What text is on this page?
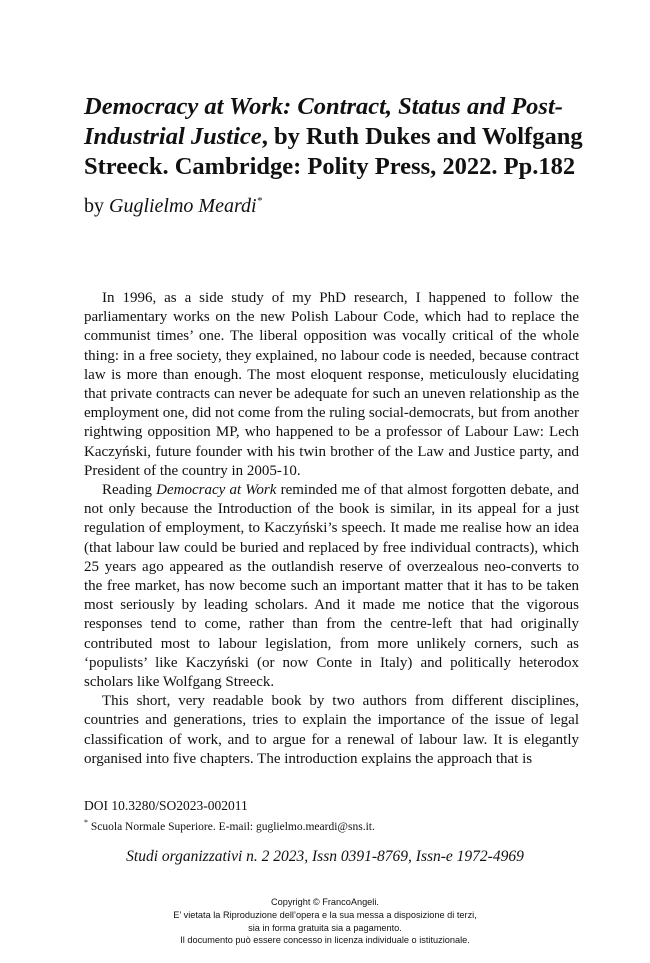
Democracy at Work: Contract, Status and Post-Industrial Justice, by Ruth Dukes and Wolfgang Streeck. Cambridge: Polity Press, 2022. Pp.182

by Guglielmo Meardi*

In 1996, as a side study of my PhD research, I happened to follow the parliamentary works on the new Polish Labour Code, which had to replace the communist times’ one. The liberal opposition was vocally critical of the whole thing: in a free society, they explained, no labour code is needed, because contract law is more than enough. The most eloquent response, meticulously elucidating that private contracts can never be adequate for such an uneven relationship as the employment one, did not come from the ruling social-democrats, but from another rightwing opposition MP, who happened to be a professor of Labour Law: Lech Kaczyński, future founder with his twin brother of the Law and Justice party, and President of the country in 2005-10.

Reading Democracy at Work reminded me of that almost forgotten debate, and not only because the Introduction of the book is similar, in its appeal for a just regulation of employment, to Kaczyński’s speech. It made me realise how an idea (that labour law could be buried and replaced by free individual contracts), which 25 years ago appeared as the outlandish reserve of overzealous neo-converts to the free market, has now become such an important matter that it has to be taken most seriously by leading scholars. And it made me notice that the vigorous responses tend to come, rather than from the centre-left that had originally contributed most to labour legislation, from more unlikely corners, such as ‘populists’ like Kaczyński (or now Conte in Italy) and politically heterodox scholars like Wolfgang Streeck.

This short, very readable book by two authors from different disciplines, countries and generations, tries to explain the importance of the issue of legal classification of work, and to argue for a renewal of labour law. It is elegantly organised into five chapters. The introduction explains the approach that is

DOI 10.3280/SO2023-002011
* Scuola Normale Superiore. E-mail: guglielmo.meardi@sns.it.
Studi organizzativi n. 2 2023, Issn 0391-8769, Issn-e 1972-4969
Copyright © FrancoAngeli.
E’ vietata la Riproduzione dell’opera e la sua messa a disposizione di terzi,
sia in forma gratuita sia a pagamento.
Il documento può essere concesso in licenza individuale o istituzionale.
